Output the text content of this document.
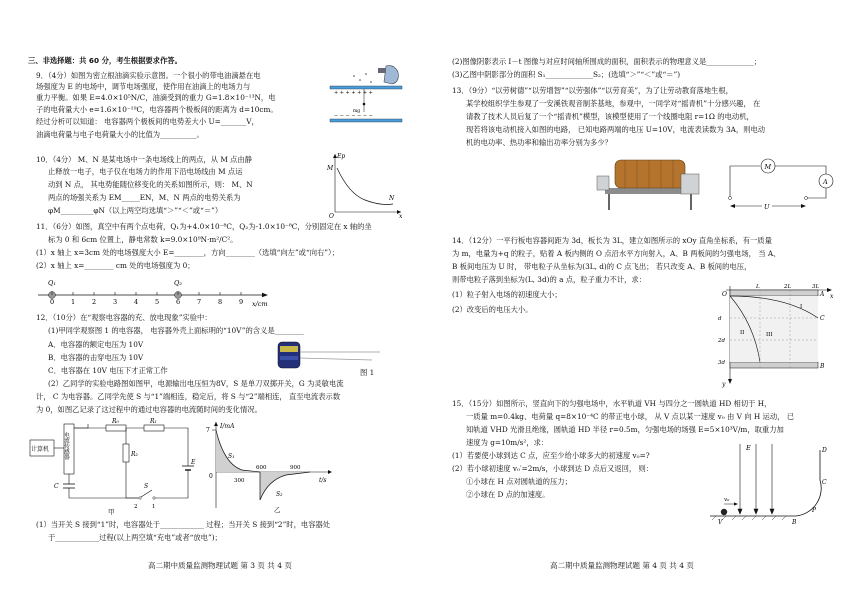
三、非选择题：共 60 分，考生根据要求作答。
9．（4分）如图为密立根油滴实验示意图。一个很小的带电油滴悬在电
场强度为 E 的电场中，调节电场强度，使作用在油滴上的电场力与
重力平衡。如果 E=4.0×10⁵N/C，油滴受到的重力 G=1.8×10⁻¹³N，电
子的电荷量大小 e=1.6×10⁻¹⁹C，电容器两个极板间的距离为 d=10cm。
经过分析可以知道： 电容器两个极板间的电势差大小 U=_______V，
油滴电荷量与电子电荷量大小的比值为__________。
+ + + + + + +
mg
− − − − − − −
10．（4分） M、N 是某电场中一条电场线上的两点，从 M 点由静
止释放一电子，电子仅在电场力的作用下沿电场线由 M 点运
动到 N 点， 其电势能随位移变化的关系如图所示，则： M、N
两点的场强关系为 EM_____EN，M、N 两点的电势关系为
φM_________φN（以上两空均选填“＞”“＜”或“＝”）
Ep
x
O
M
N
11．（6分）如图，真空中有两个点电荷，Q₁为+4.0×10⁻⁸C，Q₂为-1.0×10⁻⁸C，分别固定在 x 轴的坐
标为 0 和 6cm 位置上，静电常数 k=9.0×10⁹N·m²/C²。
(1）x 轴上 x=3cm 处的电场强度大小 E=________，方向________（选填“向左”或“向右”）；
(2）x 轴上 x=________ cm 处的电场强度为 0；
Q₁	Q₂
0	1	2	3	4	5	6	7	8	9 x/cm
12．（10分）在“观察电容器的充、放电现象”实验中：
(1)甲同学观察图 1 的电容器， 电容器外壳上面标明的“10V”的含义是________
A．电容器的额定电压为 10V
B．电容器的击穿电压为 10V
C．电容器在 10V 电压下才正常工作
(2）乙同学的实验电路图如图甲，电源输出电压恒为8V，S 是单刀双掷开关，G 为灵敏电流
计， C 为电容器。乙同学先使 S 与“1”端相连，稳定后，将 S 与“2”端相连， 直至电流表示数
为 0，如图乙记录了这过程中的通过电容器的电流随时间的变化情况。
图 1
计算机	电流传感器
R₀	R₁
E
R₂
C
2	1
S
甲
I/mA
7
0
t/s
S₁
S₂
300
600	900
乙
(1）当开关 S 接到“1”时，电容器处于____________ 过程；当开关 S 接到“2”时，电容器处
于____________过程(以上两空填“充电”或者“放电”)；
高二期中质量监测物理试题 第 3 页 共 4 页
(2)图像阴影表示 I－t 图像与对应时间轴所围成的面积，面积表示的物理意义是_____________；
(3)乙图中阴影部分的面积 S₁_____________S₂；(选填“＞”“＜”或“＝”)
13．（9分）“以劳树德”“以劳增智”“以劳强体”“以劳育美”，为了让劳动教育落地生根，
某学校组织学生参观了一安溪铁观音制茶基地，参观中，一同学对“摇青机”十分感兴趣， 在
请教了技术人员后复了一个“摇青机”模型，该模型使用了一个线圈电阻 r=1Ω 的电动机，
现若将该电动机接入如图的电路， 已知电路两端的电压 U=10V，电流表读数为 3A，则电动
机的电功率、热功率和输出功率分别为多少？
M
A
U
14．（12分）一平行板电容器间距为 3d，板长为 3L，建立如图所示的 xOy 直角坐标系，有一质量
为 m，电量为+q 的粒子，贴着 A 板内侧的 O 点沿水平方向射入，A、B 两板间的匀强电场， 当 A、
B 板间电压为 U 时， 带电粒子从坐标为(3L, d)的 C 点飞出； 若只改变 A、B 板间的电压，
则带电粒子落到坐标为(L, 3d)的 a 点，粒子重力不计，求：
(1）粒子射入电场的初速度大小；
(2）改变后的电压大小。
O	x
y
L	2L	3L
A
B
C
d
2d
3d
I
II	III
15．（15分）如图所示，竖直向下的匀强电场中，水平轨道 VH 与四分之一圆轨道 HD 相切于 H，
一质量 m=0.4kg、电荷量 q=8×10⁻⁴C 的带正电小球， 从 V 点以某一速度 v₀ 由 V 向 H 运动， 已
知轨道 VHD 光滑且绝缘，圆轨道 HD 半径 r=0.5m，匀强电场的场强 E=5×10³V/m，取重力加
速度为 g=10m/s²，求：
(1）若要使小球到达 C 点，应至少给小球多大的初速度 v₀=?
(2）若小球初速度 v₀′=2m/s，小球到达 D 点后又返回， 则：
①小球在 H 点对圆轨道的压力；
②小球在 D 点的加速度。
E
v₀
V	B
P
C
D
高二期中质量监测物理试题 第 4 页 共 4 页
